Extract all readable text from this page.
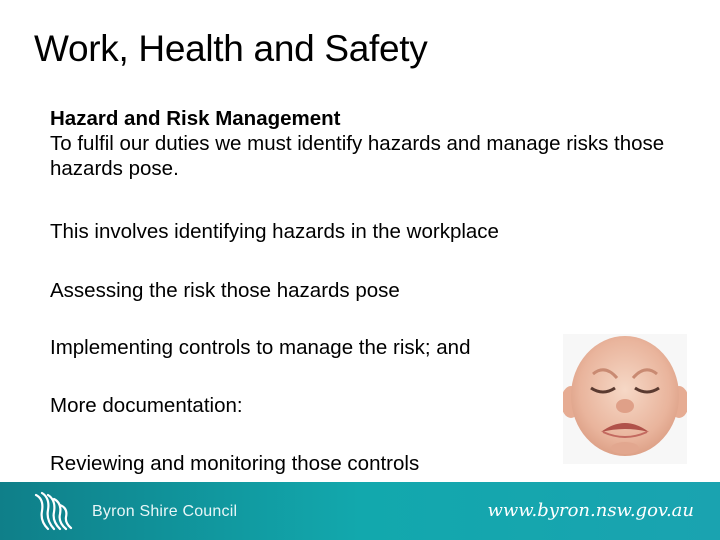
Work, Health and Safety

Hazard and Risk Management

To fulfil our duties we must identify hazards and manage risks those hazards pose.

This involves identifying hazards in the workplace
Assessing the risk those hazards pose
Implementing controls to manage the risk; and
More documentation:
Reviewing and monitoring those controls
Byron Shire Council	www.byron.nsw.gov.au
